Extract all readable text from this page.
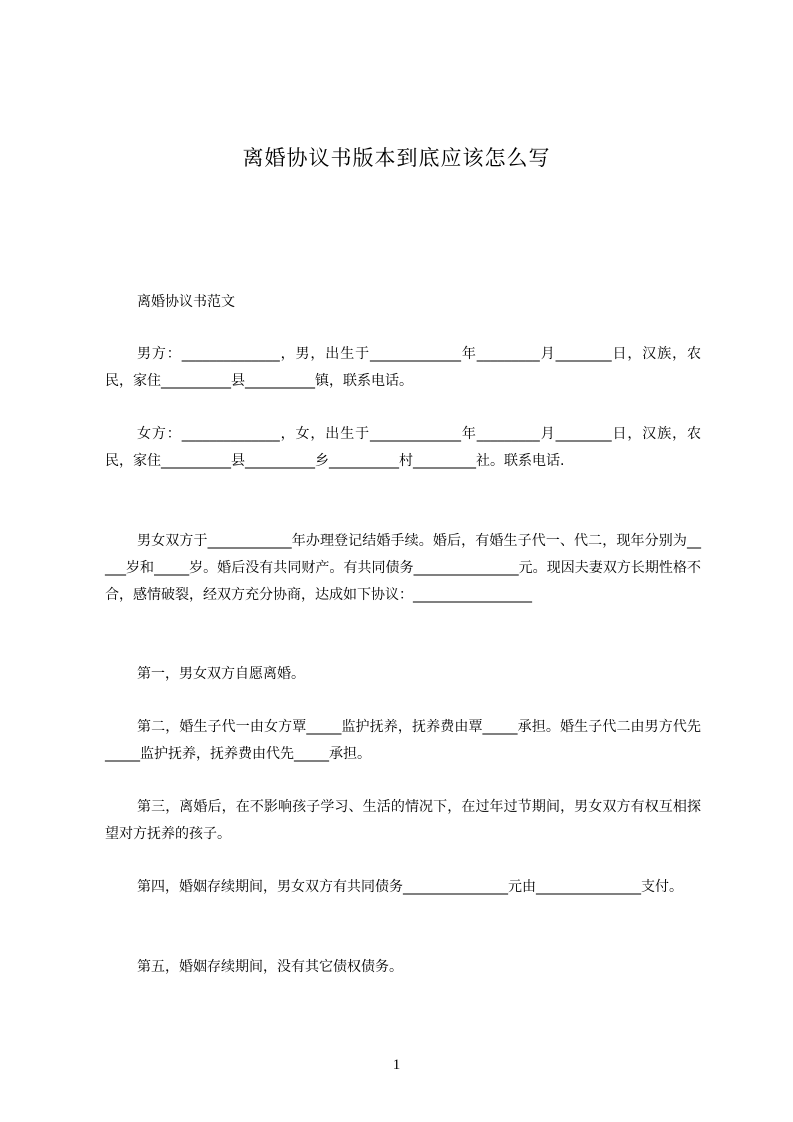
离婚协议书版本到底应该怎么写
离婚协议书范文
男方：______________，男，出生于_____________年_________月________日，汉族，农民，家住__________县__________镇，联系电话。
女方：______________，女，出生于_____________年_________月________日，汉族，农民，家住__________县__________乡__________村_________社。联系电话.
男女双方于____________年办理登记结婚手续。婚后，有婚生子代一、代二，现年分别为_____岁和_____岁。婚后没有共同财产。有共同债务_______________元。现因夫妻双方长期性格不合，感情破裂，经双方充分协商，达成如下协议：_________________
第一，男女双方自愿离婚。
第二，婚生子代一由女方覃_____监护抚养，抚养费由覃_____承担。婚生子代二由男方代先_____监护抚养，抚养费由代先_____承担。
第三，离婚后，在不影响孩子学习、生活的情况下，在过年过节期间，男女双方有权互相探望对方抚养的孩子。
第四，婚姻存续期间，男女双方有共同债务_______________元由_______________支付。
第五，婚姻存续期间，没有其它债权债务。
1
